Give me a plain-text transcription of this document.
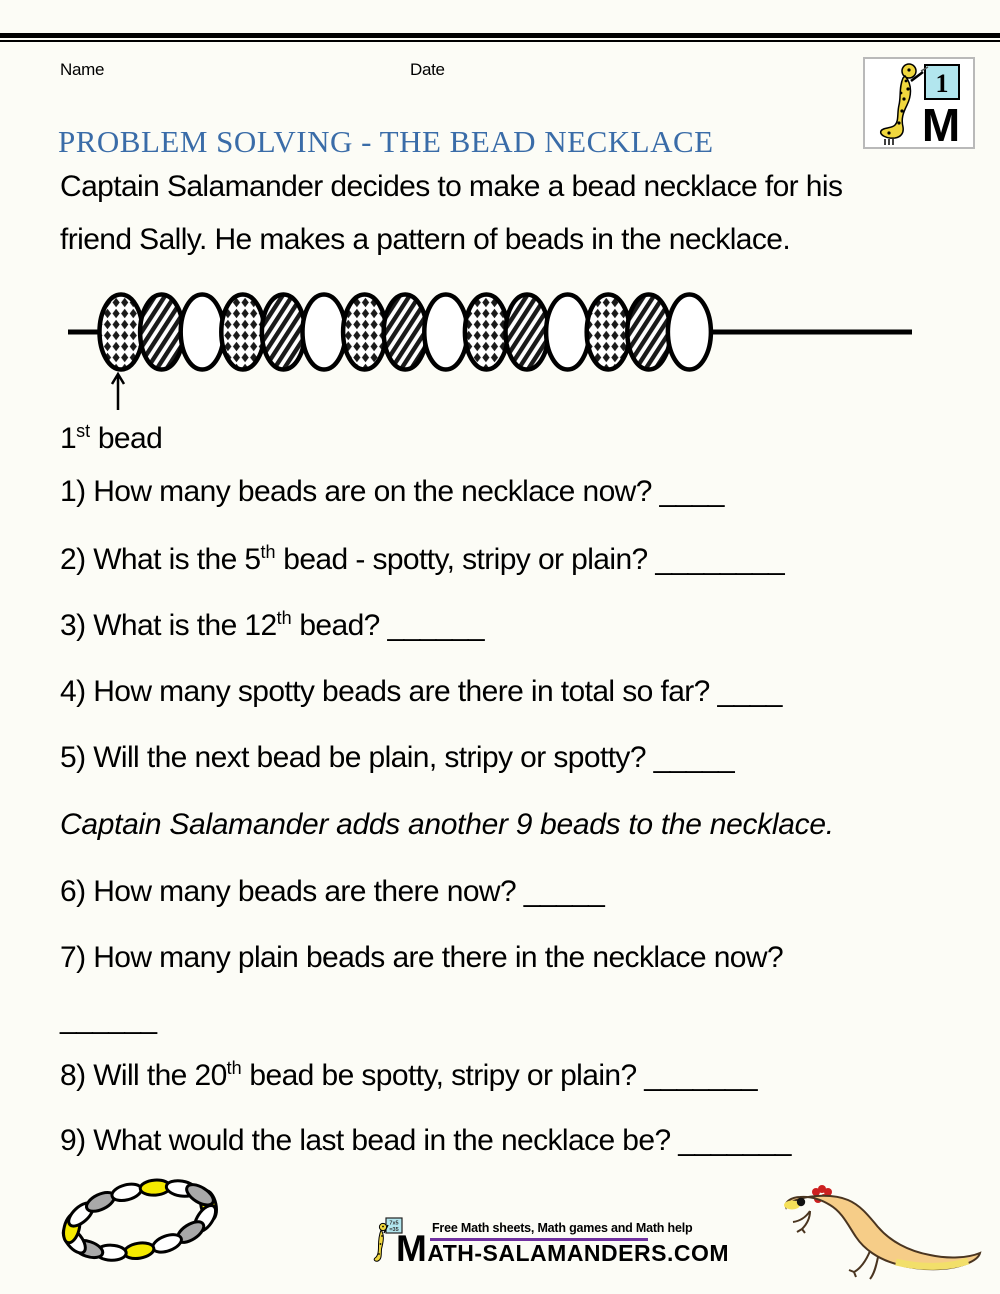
Name	Date	1
M
PROBLEM SOLVING - THE BEAD NECKLACE
Captain Salamander decides to make a bead necklace for his
friend Sally. He makes a pattern of beads in the necklace.
1st bead
1) How many beads are on the necklace now? ____
2) What is the 5th bead - spotty, stripy or plain? ________
3) What is the 12th bead? ______
4) How many spotty beads are there in total so far? ____
5) Will the next bead be plain, stripy or spotty? _____
Captain Salamander adds another 9 beads to the necklace.
6) How many beads are there now? _____
7) How many plain beads are there in the necklace now?
______
8) Will the 20th bead be spotty, stripy or plain? _______
9) What would the last bead in the necklace be? _______
7x5
=35	Free Math sheets, Math games and Math help
MATH-SALAMANDERS.COM
